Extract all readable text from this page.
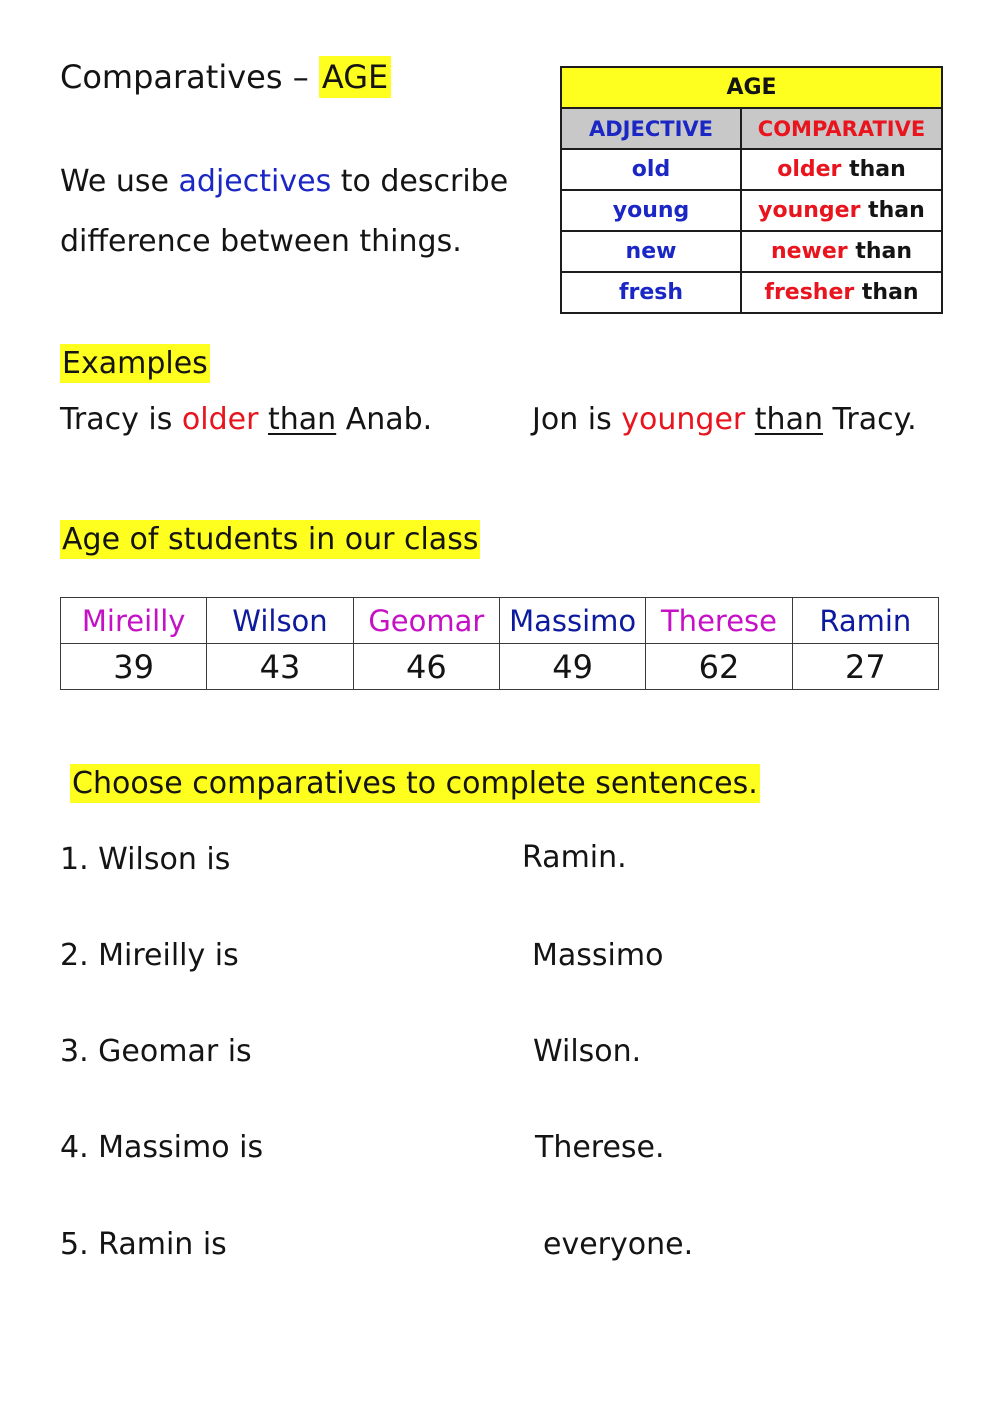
Comparatives – AGE
We use adjectives to describe difference between things.
AGE	
ADJECTIVE	COMPARATIVE
old	older than
young	younger than
new	newer than
fresh	fresher than
Examples
Tracy is older than Anab.	Jon is younger than Tracy.
Age of students in our class
Mireilly	Wilson	Geomar	Massimo	Therese	Ramin
39	43	46	49	62	27
Choose comparatives to complete sentences.
1. Wilson is	Ramin.
2. Mireilly is	Massimo
3. Geomar is	Wilson.
4. Massimo is	Therese.
5. Ramin is	everyone.
